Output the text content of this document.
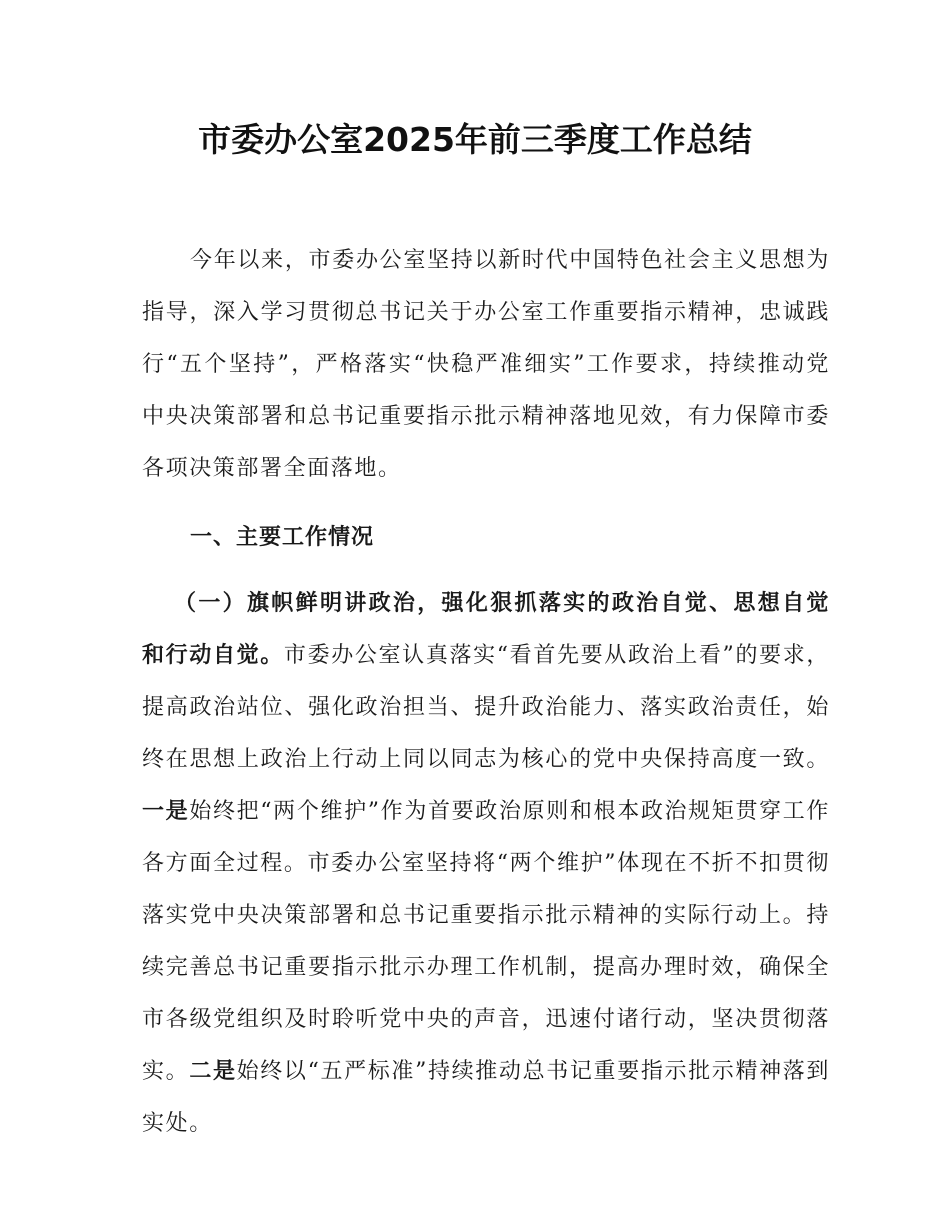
市委办公室2025年前三季度工作总结

今年以来，市委办公室坚持以新时代中国特色社会主义思想为指导，深入学习贯彻总书记关于办公室工作重要指示精神，忠诚践行“五个坚持”，严格落实“快稳严准细实”工作要求，持续推动党中央决策部署和总书记重要指示批示精神落地见效，有力保障市委各项决策部署全面落地。

一、主要工作情况

（一）旗帜鲜明讲政治，强化狠抓落实的政治自觉、思想自觉和行动自觉。市委办公室认真落实“看首先要从政治上看”的要求，提高政治站位、强化政治担当、提升政治能力、落实政治责任，始终在思想上政治上行动上同以同志为核心的党中央保持高度一致。一是始终把“两个维护”作为首要政治原则和根本政治规矩贯穿工作各方面全过程。市委办公室坚持将“两个维护”体现在不折不扣贯彻落实党中央决策部署和总书记重要指示批示精神的实际行动上。持续完善总书记重要指示批示办理工作机制，提高办理时效，确保全市各级党组织及时聆听党中央的声音，迅速付诸行动，坚决贯彻落实。二是始终以“五严标准”持续推动总书记重要指示批示精神落到实处。
